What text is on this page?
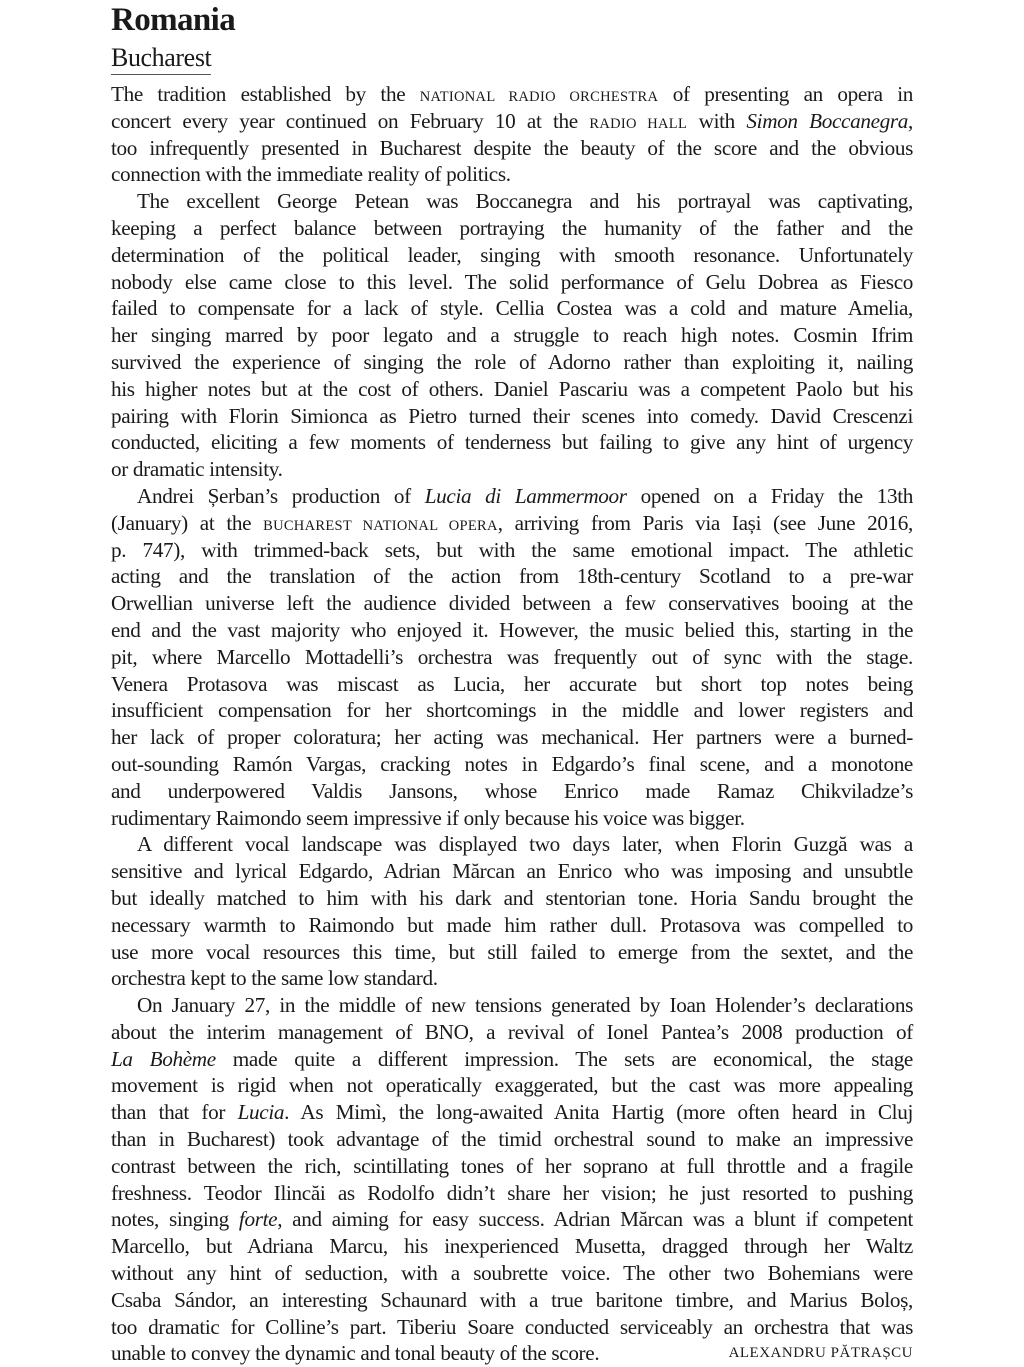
Romania
Bucharest
The tradition established by the NATIONAL RADIO ORCHESTRA of presenting an opera in
concert every year continued on February 10 at the RADIO HALL with Simon Boccanegra,
too infrequently presented in Bucharest despite the beauty of the score and the obvious
connection with the immediate reality of politics.
The excellent George Petean was Boccanegra and his portrayal was captivating,
keeping a perfect balance between portraying the humanity of the father and the
determination of the political leader, singing with smooth resonance. Unfortunately
nobody else came close to this level. The solid performance of Gelu Dobrea as Fiesco
failed to compensate for a lack of style. Cellia Costea was a cold and mature Amelia,
her singing marred by poor legato and a struggle to reach high notes. Cosmin Ifrim
survived the experience of singing the role of Adorno rather than exploiting it, nailing
his higher notes but at the cost of others. Daniel Pascariu was a competent Paolo but his
pairing with Florin Simionca as Pietro turned their scenes into comedy. David Crescenzi
conducted, eliciting a few moments of tenderness but failing to give any hint of urgency
or dramatic intensity.
Andrei Șerban’s production of Lucia di Lammermoor opened on a Friday the 13th
(January) at the BUCHAREST NATIONAL OPERA, arriving from Paris via Iași (see June 2016,
p. 747), with trimmed-back sets, but with the same emotional impact. The athletic
acting and the translation of the action from 18th-century Scotland to a pre-war
Orwellian universe left the audience divided between a few conservatives booing at the
end and the vast majority who enjoyed it. However, the music belied this, starting in the
pit, where Marcello Mottadelli’s orchestra was frequently out of sync with the stage.
Venera Protasova was miscast as Lucia, her accurate but short top notes being
insufficient compensation for her shortcomings in the middle and lower registers and
her lack of proper coloratura; her acting was mechanical. Her partners were a burned-
out-sounding Ramón Vargas, cracking notes in Edgardo’s final scene, and a monotone
and underpowered Valdis Jansons, whose Enrico made Ramaz Chikviladze’s
rudimentary Raimondo seem impressive if only because his voice was bigger.
A different vocal landscape was displayed two days later, when Florin Guzgă was a
sensitive and lyrical Edgardo, Adrian Mărcan an Enrico who was imposing and unsubtle
but ideally matched to him with his dark and stentorian tone. Horia Sandu brought the
necessary warmth to Raimondo but made him rather dull. Protasova was compelled to
use more vocal resources this time, but still failed to emerge from the sextet, and the
orchestra kept to the same low standard.
On January 27, in the middle of new tensions generated by Ioan Holender’s declarations
about the interim management of BNO, a revival of Ionel Pantea’s 2008 production of
La Bohème made quite a different impression. The sets are economical, the stage
movement is rigid when not operatically exaggerated, but the cast was more appealing
than that for Lucia. As Mimì, the long-awaited Anita Hartig (more often heard in Cluj
than in Bucharest) took advantage of the timid orchestral sound to make an impressive
contrast between the rich, scintillating tones of her soprano at full throttle and a fragile
freshness. Teodor Ilincăi as Rodolfo didn’t share her vision; he just resorted to pushing
notes, singing forte, and aiming for easy success. Adrian Mărcan was a blunt if competent
Marcello, but Adriana Marcu, his inexperienced Musetta, dragged through her Waltz
without any hint of seduction, with a soubrette voice. The other two Bohemians were
Csaba Sándor, an interesting Schaunard with a true baritone timbre, and Marius Boloș,
too dramatic for Colline’s part. Tiberiu Soare conducted serviceably an orchestra that was
unable to convey the dynamic and tonal beauty of the score.	ALEXANDRU PĂTRAȘCU
